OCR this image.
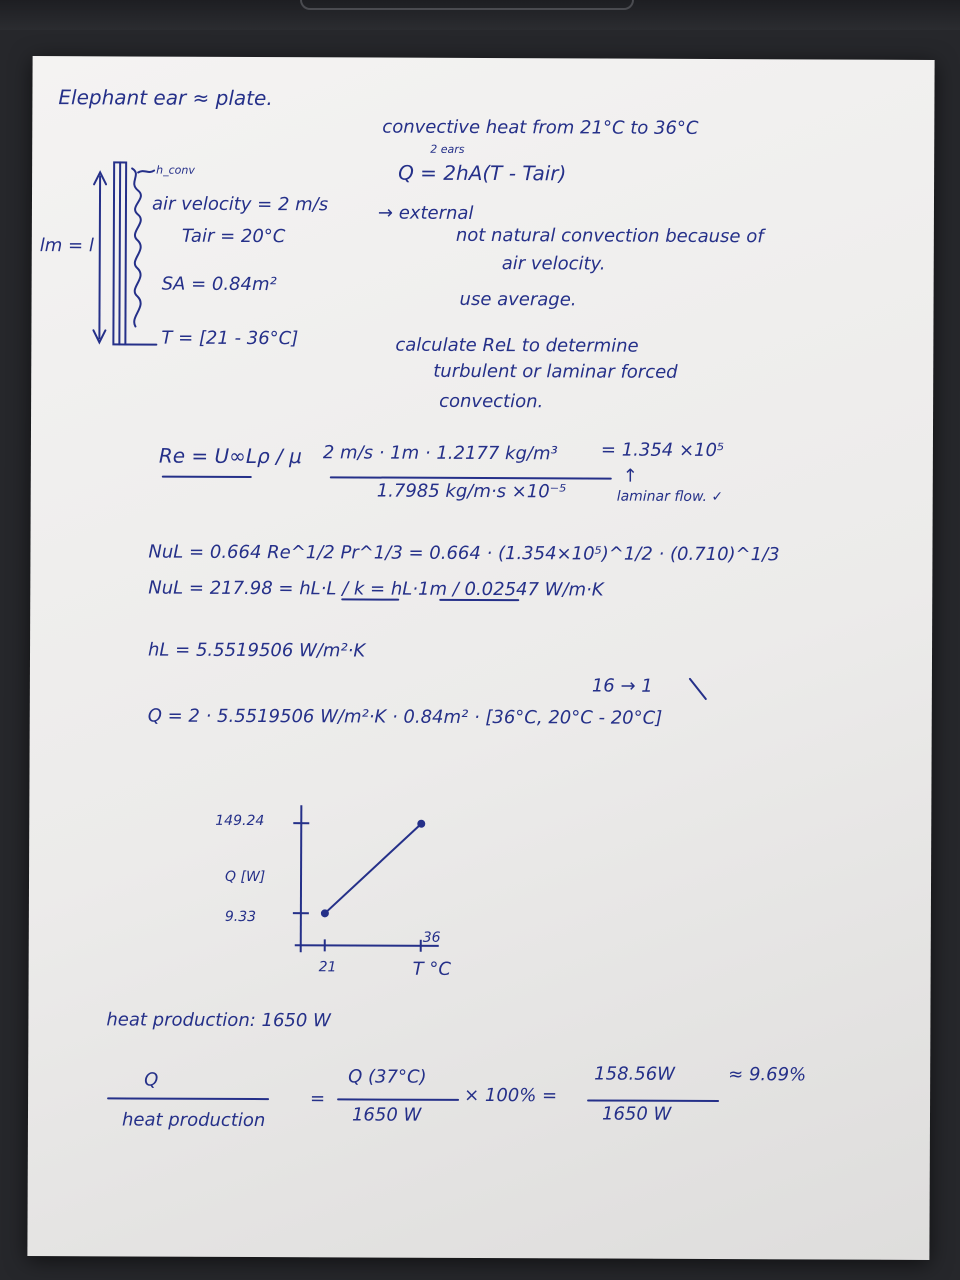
Elephant ear ≈ plate.

lm = l

h_conv

air velocity = 2 m/s

Tair = 20°C

SA = 0.84m²

T = [21 - 36°C]

convective heat from 21°C to 36°C

2 ears

Q = 2hA(T - Tair)

→ external

not natural convection because of

air velocity.

use average.

calculate ReL to determine

turbulent or laminar forced

convection.

Re = U∞Lρ / μ 2 m/s · 1m · 1.2177 kg/m³

1.7985 kg/m·s ×10⁻⁵

= 1.354 ×10⁵

↑

laminar flow. ✓

NuL = 0.664 Re^1/2 Pr^1/3 = 0.664 · (1.354×10⁵)^1/2 · (0.710)^1/3

NuL = 217.98 = hL·L / k = hL·1m / 0.02547 W/m·K

hL = 5.5519506 W/m²·K

16 → 1

Q = 2 · 5.5519506 W/m²·K · 0.84m² · [36°C, 20°C - 20°C]

149.24

Q [W]

9.33

21

36

T °C

heat production: 1650 W

Q

heat production

=

Q (37°C)

1650 W

× 100% =

158.56W

1650 W

≈ 9.69%
